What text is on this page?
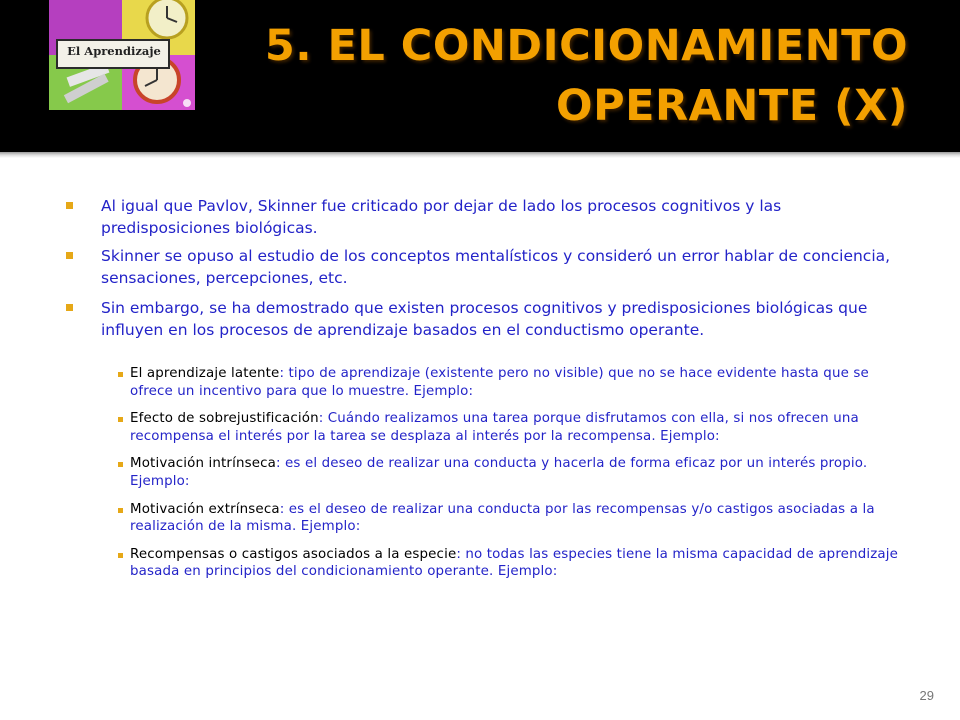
El Aprendizaje	5. EL CONDICIONAMIENTO
OPERANTE (X)

Al igual que Pavlov, Skinner fue criticado por dejar de lado los procesos cognitivos y las predisposiciones biológicas.

Skinner se opuso al estudio de los conceptos mentalísticos y consideró un error hablar de conciencia, sensaciones, percepciones, etc.

Sin embargo, se ha demostrado que existen procesos cognitivos y predisposiciones biológicas que influyen en los procesos de aprendizaje basados en el conductismo operante.

El aprendizaje latente: tipo de aprendizaje (existente pero no visible) que no se hace evidente hasta que se ofrece un incentivo para que lo muestre. Ejemplo:
Efecto de sobrejustificación: Cuándo realizamos una tarea porque disfrutamos con ella, si nos ofrecen una recompensa el interés por la tarea se desplaza al interés por la recompensa. Ejemplo:
Motivación intrínseca: es el deseo de realizar una conducta y hacerla de forma eficaz por un interés propio. Ejemplo:
Motivación extrínseca: es el deseo de realizar una conducta por las recompensas y/o castigos asociadas a la realización de la misma. Ejemplo:
Recompensas o castigos asociados a la especie: no todas las especies tiene la misma capacidad de aprendizaje basada en principios del condicionamiento operante. Ejemplo:
29
